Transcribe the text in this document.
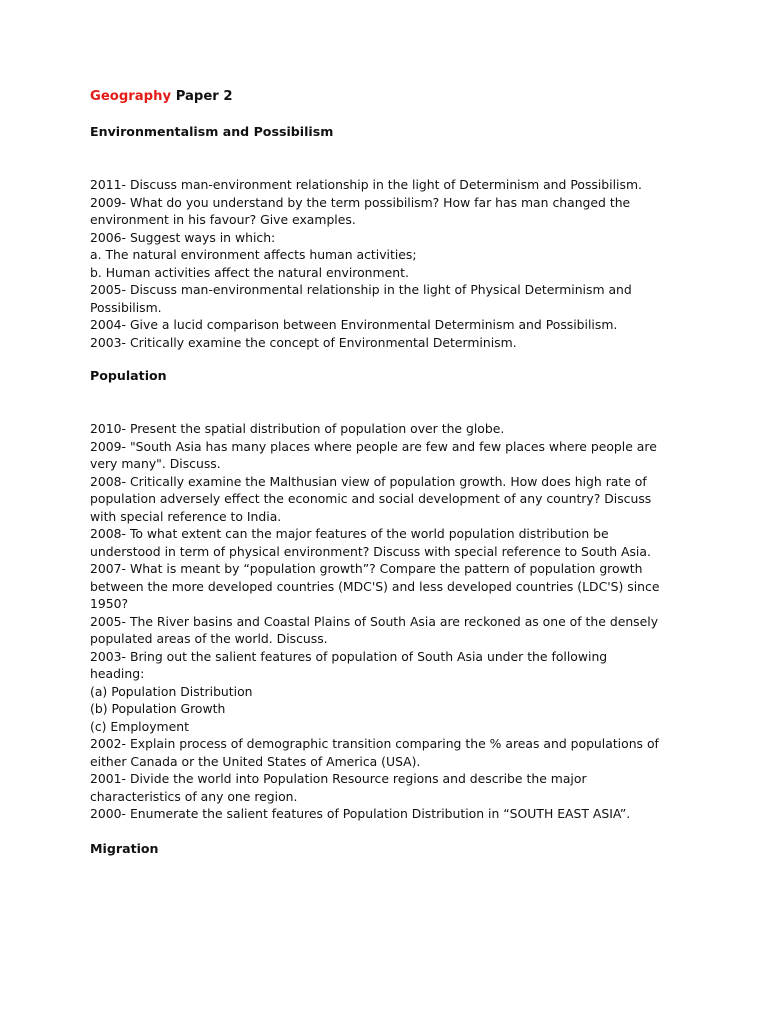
Geography Paper 2
Environmentalism and Possibilism
2011- Discuss man-environment relationship in the light of Determinism and Possibilism.
2009- What do you understand by the term possibilism? How far has man changed the
environment in his favour? Give examples.
2006- Suggest ways in which:
a. The natural environment affects human activities;
b. Human activities affect the natural environment.
2005- Discuss man-environmental relationship in the light of Physical Determinism and
Possibilism.
2004- Give a lucid comparison between Environmental Determinism and Possibilism.
2003- Critically examine the concept of Environmental Determinism.
Population
2010- Present the spatial distribution of population over the globe.
2009- "South Asia has many places where people are few and few places where people are
very many". Discuss.
2008- Critically examine the Malthusian view of population growth. How does high rate of
population adversely effect the economic and social development of any country? Discuss
with special reference to India.
2008- To what extent can the major features of the world population distribution be
understood in term of physical environment? Discuss with special reference to South Asia.
2007- What is meant by “population growth”? Compare the pattern of population growth
between the more developed countries (MDC'S) and less developed countries (LDC'S) since
1950?
2005- The River basins and Coastal Plains of South Asia are reckoned as one of the densely
populated areas of the world. Discuss.
2003- Bring out the salient features of population of South Asia under the following
heading:
(a) Population Distribution
(b) Population Growth
(c) Employment
2002- Explain process of demographic transition comparing the % areas and populations of
either Canada or the United States of America (USA).
2001- Divide the world into Population Resource regions and describe the major
characteristics of any one region.
2000- Enumerate the salient features of Population Distribution in “SOUTH EAST ASIA”.
Migration
